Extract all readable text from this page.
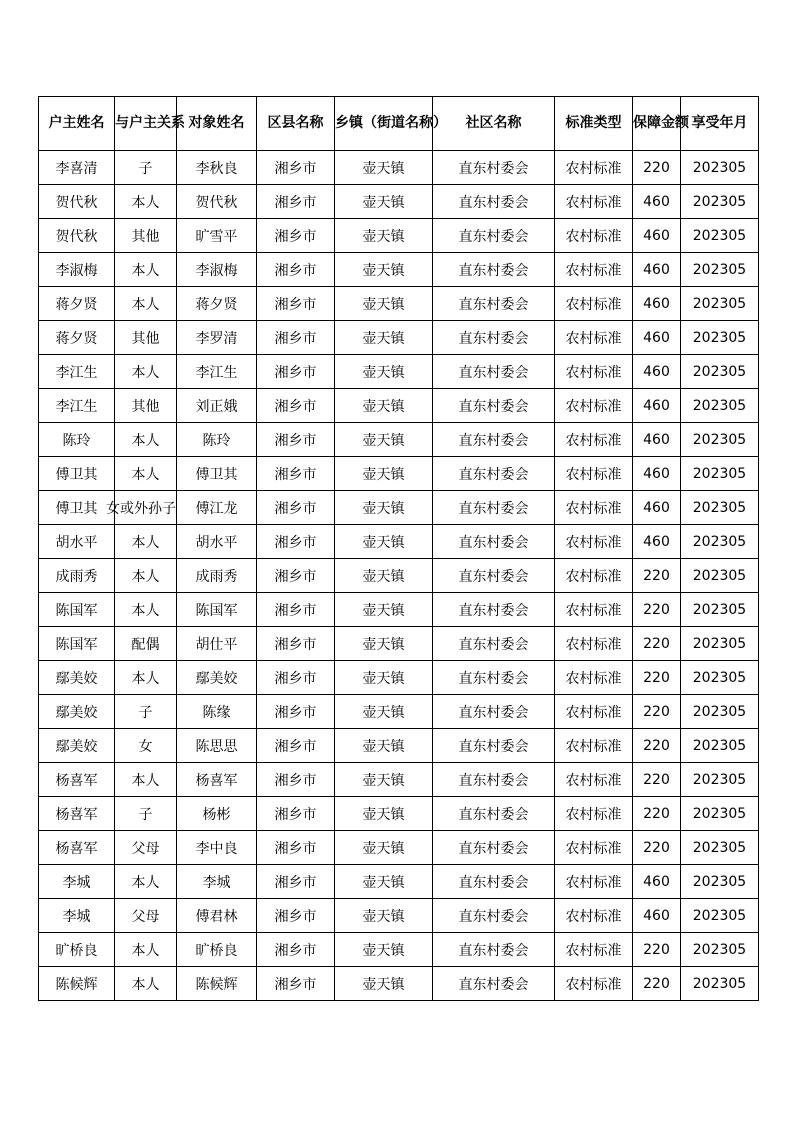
户主姓名	与户主关系	对象姓名	区县名称	乡镇（街道名称）	社区名称	标准类型	保障金额	享受年月
李喜清	子	李秋良	湘乡市	壶天镇	直东村委会	农村标准	220	202305
贺代秋	本人	贺代秋	湘乡市	壶天镇	直东村委会	农村标准	460	202305
贺代秋	其他	旷雪平	湘乡市	壶天镇	直东村委会	农村标准	460	202305
李淑梅	本人	李淑梅	湘乡市	壶天镇	直东村委会	农村标准	460	202305
蒋夕贤	本人	蒋夕贤	湘乡市	壶天镇	直东村委会	农村标准	460	202305
蒋夕贤	其他	李罗清	湘乡市	壶天镇	直东村委会	农村标准	460	202305
李江生	本人	李江生	湘乡市	壶天镇	直东村委会	农村标准	460	202305
李江生	其他	刘正娥	湘乡市	壶天镇	直东村委会	农村标准	460	202305
陈玲	本人	陈玲	湘乡市	壶天镇	直东村委会	农村标准	460	202305
傅卫其	本人	傅卫其	湘乡市	壶天镇	直东村委会	农村标准	460	202305
傅卫其	女或外孙子	傅江龙	湘乡市	壶天镇	直东村委会	农村标准	460	202305
胡水平	本人	胡水平	湘乡市	壶天镇	直东村委会	农村标准	460	202305
成雨秀	本人	成雨秀	湘乡市	壶天镇	直东村委会	农村标准	220	202305
陈国军	本人	陈国军	湘乡市	壶天镇	直东村委会	农村标准	220	202305
陈国军	配偶	胡仕平	湘乡市	壶天镇	直东村委会	农村标准	220	202305
鄢美姣	本人	鄢美姣	湘乡市	壶天镇	直东村委会	农村标准	220	202305
鄢美姣	子	陈缘	湘乡市	壶天镇	直东村委会	农村标准	220	202305
鄢美姣	女	陈思思	湘乡市	壶天镇	直东村委会	农村标准	220	202305
杨喜军	本人	杨喜军	湘乡市	壶天镇	直东村委会	农村标准	220	202305
杨喜军	子	杨彬	湘乡市	壶天镇	直东村委会	农村标准	220	202305
杨喜军	父母	李中良	湘乡市	壶天镇	直东村委会	农村标准	220	202305
李城	本人	李城	湘乡市	壶天镇	直东村委会	农村标准	460	202305
李城	父母	傅君林	湘乡市	壶天镇	直东村委会	农村标准	460	202305
旷桥良	本人	旷桥良	湘乡市	壶天镇	直东村委会	农村标准	220	202305
陈候辉	本人	陈候辉	湘乡市	壶天镇	直东村委会	农村标准	220	202305
